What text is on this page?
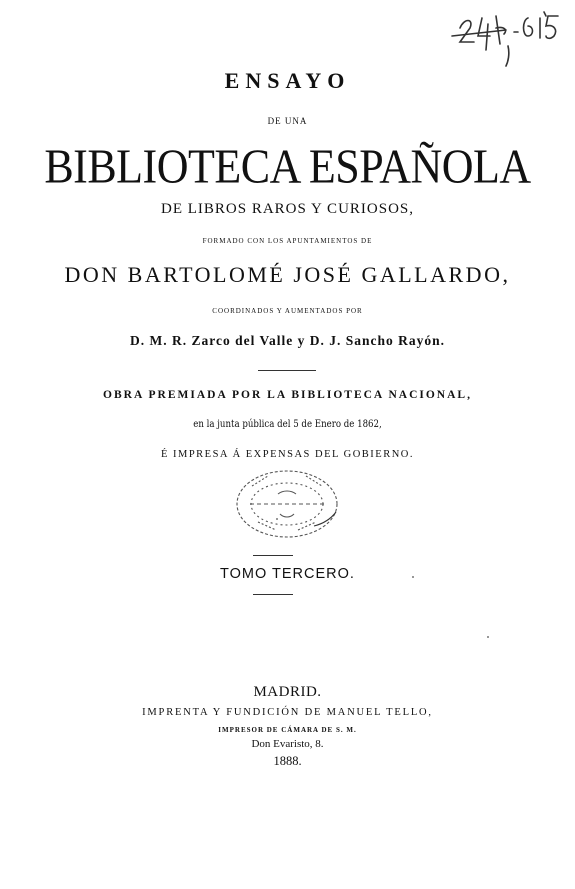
ENSAYO
DE UNA
BIBLIOTECA ESPAÑOLA
DE LIBROS RAROS Y CURIOSOS,
FORMADO CON LOS APUNTAMIENTOS DE
DON BARTOLOMÉ JOSÉ GALLARDO,
COORDINADOS Y AUMENTADOS POR
D. M. R. Zarco del Valle y D. J. Sancho Rayón.
OBRA PREMIADA POR LA BIBLIOTECA NACIONAL,
en la junta pública del 5 de Enero de 1862,
É IMPRESA Á EXPENSAS DEL GOBIERNO.
TOMO TERCERO.
MADRID.
IMPRENTA Y FUNDICIÓN DE MANUEL TELLO,
IMPRESOR DE CÁMARA DE S. M.
Don Evaristo, 8.
1888.
